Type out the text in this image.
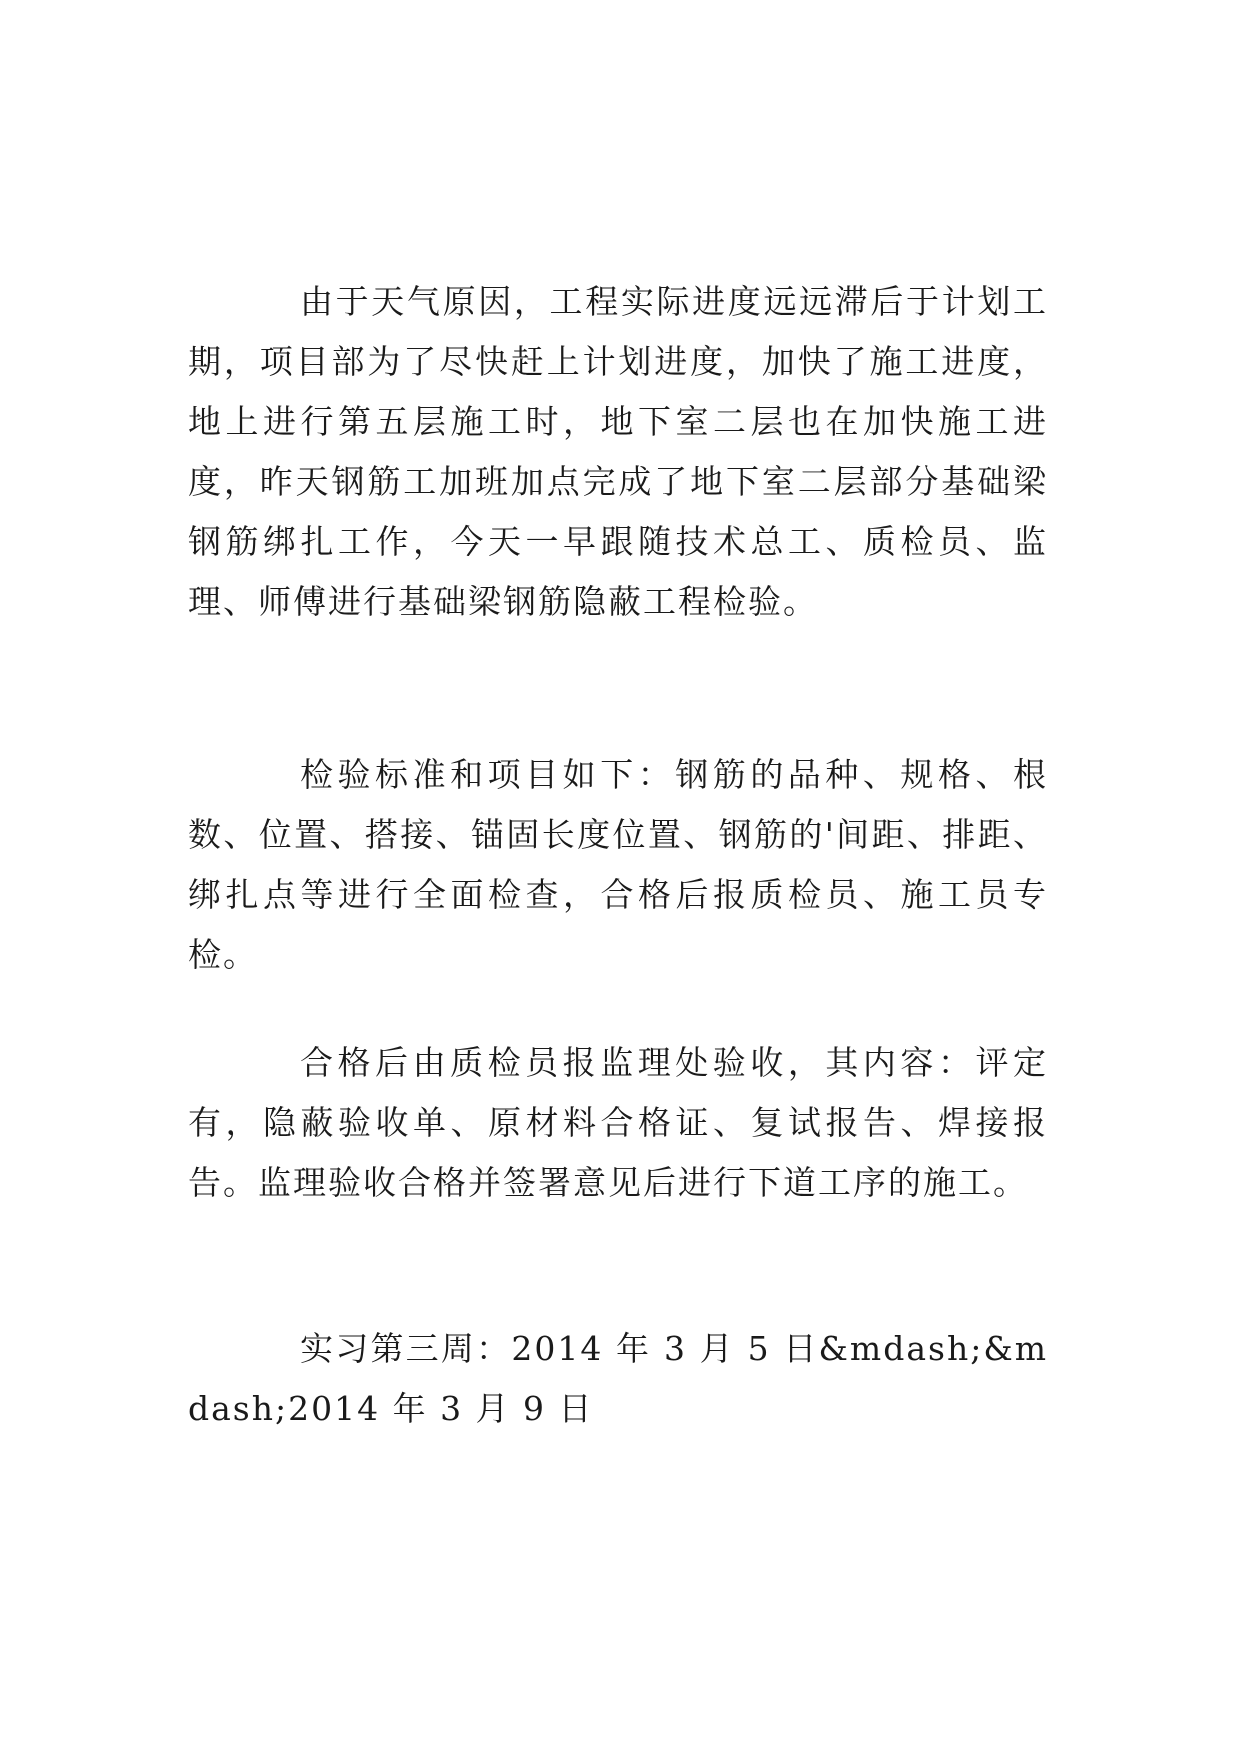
由于天气原因，工程实际进度远远滞后于计划工期，项目部为了尽快赶上计划进度，加快了施工进度，地上进行第五层施工时，地下室二层也在加快施工进度，昨天钢筋工加班加点完成了地下室二层部分基础梁钢筋绑扎工作，今天一早跟随技术总工、质检员、监理、师傅进行基础梁钢筋隐蔽工程检验。

检验标准和项目如下：钢筋的品种、规格、根数、位置、搭接、锚固长度位置、钢筋的'间距、排距、绑扎点等进行全面检查，合格后报质检员、施工员专检。

合格后由质检员报监理处验收，其内容：评定有，隐蔽验收单、原材料合格证、复试报告、焊接报告。监理验收合格并签署意见后进行下道工序的施工。

实习第三周：2014 年 3 月 5 日&mdash;&mdash;2014 年 3 月 9 日
